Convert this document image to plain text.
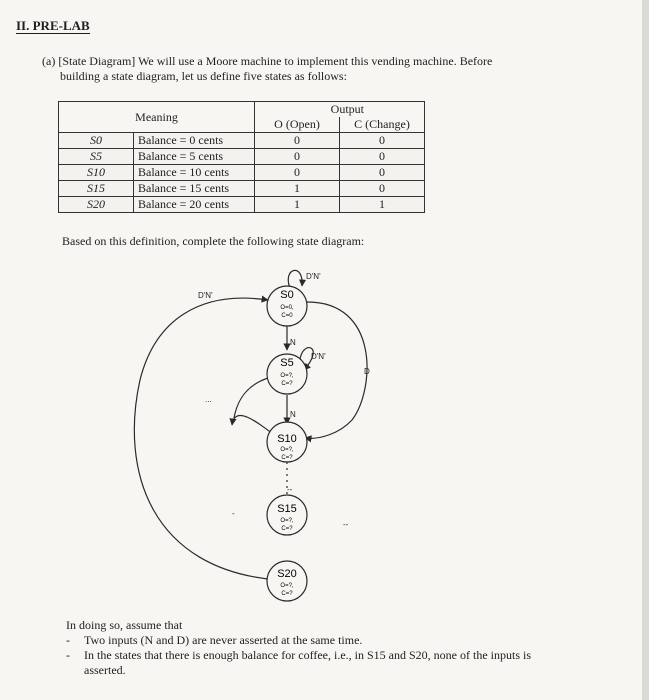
II. PRE-LAB
(a) [State Diagram] We will use a Moore machine to implement this vending machine. Before
building a state diagram, let us define five states as follows:
Meaning		Output	
		O (Open)	C (Change)
S0	Balance = 0 cents	0	0
S5	Balance = 5 cents	0	0
S10	Balance = 10 cents	0	0
S15	Balance = 15 cents	1	0
S20	Balance = 20 cents	1	1
Based on this definition, complete the following state diagram:
S0
O=0,
C=0
S5
O=?,
C=?
S10
O=?,
C=?
S15
O=?,
C=?
S20
O=?,
C=?
D'N'
D'N'
D'N'
N
N
D
...
--
-
--
In doing so, assume that
-	Two inputs (N and D) are never asserted at the same time.
-	In the states that there is enough balance for coffee, i.e., in S15 and S20, none of the inputs is asserted.
